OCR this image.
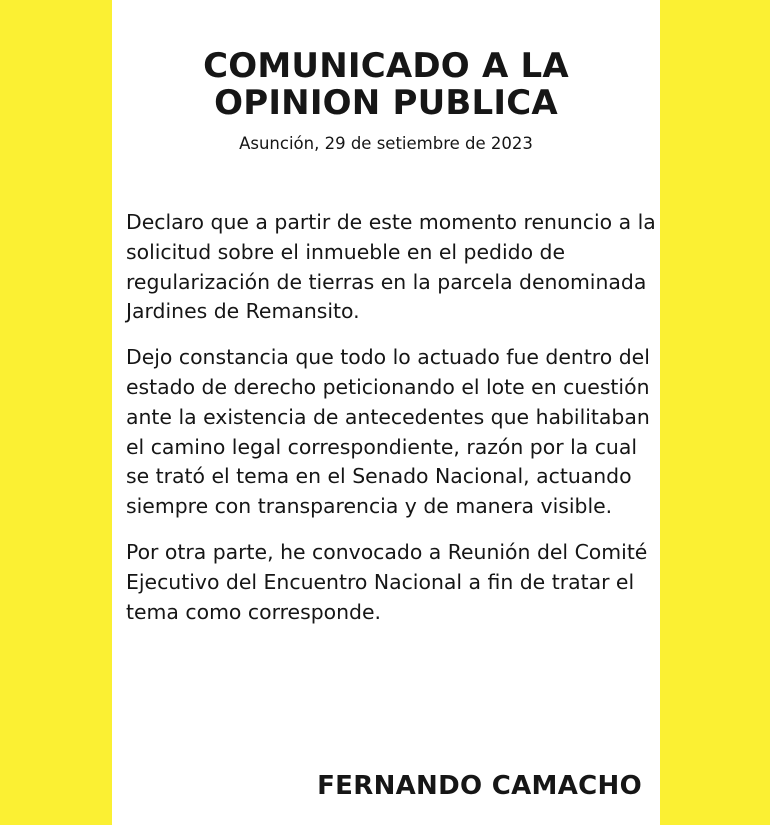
COMUNICADO A LA
OPINION PUBLICA
Asunción, 29 de setiembre de 2023

Declaro que a partir de este momento renuncio a la solicitud sobre el inmueble en el pedido de regularización de tierras en la parcela denominada Jardines de Remansito.

Dejo constancia que todo lo actuado fue dentro del estado de derecho peticionando el lote en cuestión ante la existencia de antecedentes que habilitaban el camino legal correspondiente, razón por la cual se trató el tema en el Senado Nacional, actuando siempre con transparencia y de manera visible.

Por otra parte, he convocado a Reunión del Comité Ejecutivo del Encuentro Nacional a fin de tratar el tema como corresponde.

FERNANDO CAMACHO
